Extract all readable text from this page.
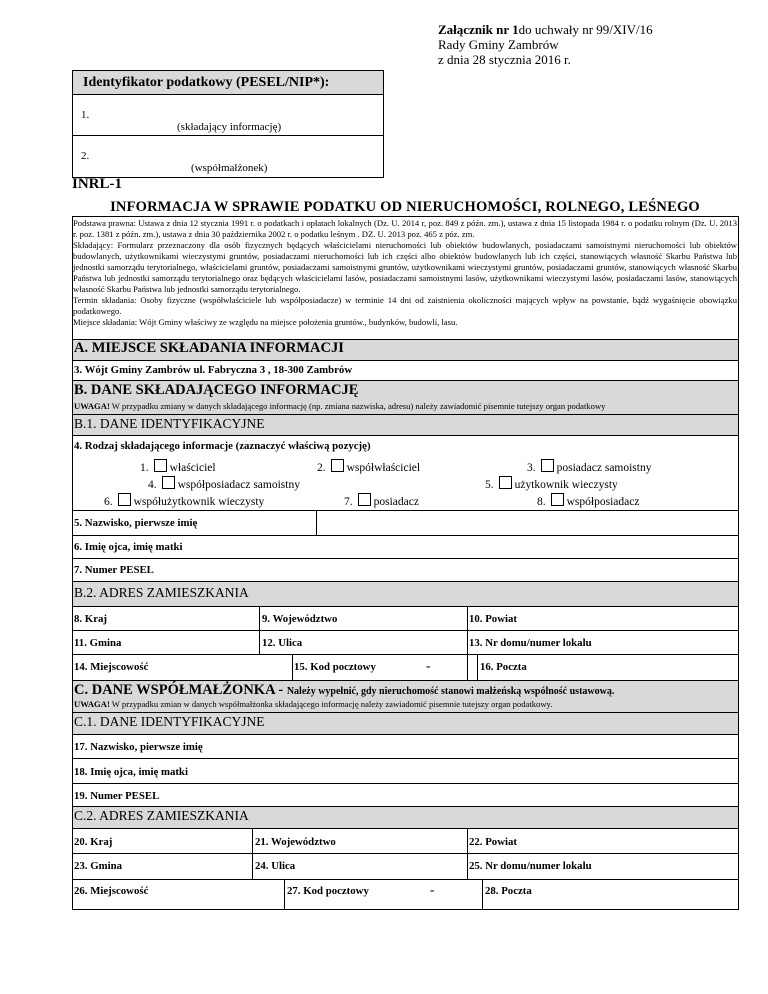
Załącznik nr 1do uchwały nr 99/XIV/16
Rady Gminy Zambrów
z dnia 28 stycznia 2016 r.
Identyfikator podatkowy (PESEL/NIP*):
1.
(składający informację)
2.
(współmałżonek)
INRL-1
INFORMACJA W SPRAWIE PODATKU OD NIERUCHOMOŚCI, ROLNEGO, LEŚNEGO
Podstawa prawna: Ustawa z dnia 12 stycznia 1991 r. o podatkach i opłatach lokalnych (Dz. U. 2014 r, poz. 849 z późn. zm.), ustawa z dnia 15 listopada 1984 r. o podatku rolnym (Dz. U. 2013 r. poz. 1381 z późn. zm.), ustawa z dnia 30 października 2002 r. o podatku leśnym . DZ. U. 2013 poz. 465 z póz. zm.
Składający: Formularz przeznaczony dla osób fizycznych będących właścicielami nieruchomości lub obiektów budowlanych, posiadaczami samoistnymi nieruchomości lub obiektów budowlanych, użytkownikami wieczystymi gruntów, posiadaczami nieruchomości lub ich części albo obiektów budowlanych lub ich części, stanowiących własność Skarbu Państwa lub jednostki samorządu terytorialnego, właścicielami gruntów, posiadaczami samoistnymi gruntów, użytkownikami wieczystymi gruntów, posiadaczami gruntów, stanowiących własność Skarbu Państwa lub jednostki samorządu terytorialnego oraz będących właścicielami lasów, posiadaczami samoistnymi lasów, użytkownikami wieczystymi lasów, posiadaczami lasów, stanowiących własność Skarbu Państwa lub jednostki samorządu terytorialnego.
Termin składania: Osoby fizyczne (współwłaściciele lub współposiadacze) w terminie 14 dni od zaistnienia okoliczności mających wpływ na powstanie, bądź wygaśnięcie obowiązku podatkowego.
Miejsce składania: Wójt Gminy właściwy ze względu na miejsce położenia gruntów., budynków, budowli, lasu.
A. MIEJSCE SKŁADANIA INFORMACJI
3. Wójt Gminy Zambrów ul. Fabryczna 3 , 18-300 Zambrów
B. DANE SKŁADAJĄCEGO INFORMACJĘ
UWAGA! W przypadku zmiany w danych składającego informację (np. zmiana nazwiska, adresu) należy zawiadomić pisemnie tutejszy organ podatkowy
B.1. DANE IDENTYFIKACYJNE
4. Rodzaj składającego informacje (zaznaczyć właściwą pozycję)
1. właściciel	2. współwłaściciel	3. posiadacz samoistny
4. współposiadacz samoistny	5. użytkownik wieczysty
6. współużytkownik wieczysty	7. posiadacz	8. współposiadacz
5. Nazwisko, pierwsze imię
6. Imię ojca, imię matki
7. Numer PESEL
B.2. ADRES ZAMIESZKANIA
8. Kraj	9. Województwo	10. Powiat
11. Gmina	12. Ulica	13. Nr domu/numer lokalu
14. Miejscowość	15. Kod pocztowy	-	16. Poczta
C. DANE WSPÓŁMAŁŻONKA - Należy wypełnić, gdy nieruchomość stanowi małżeńską wspólność ustawową.
UWAGA! W przypadku zmian w danych współmałżonka składającego informację należy zawiadomić pisemnie tutejszy organ podatkowy.
C.1. DANE IDENTYFIKACYJNE
17. Nazwisko, pierwsze imię
18. Imię ojca, imię matki
19. Numer PESEL
C.2. ADRES ZAMIESZKANIA
20. Kraj	21. Województwo	22. Powiat
23. Gmina	24. Ulica	25. Nr domu/numer lokalu
26. Miejscowość	27. Kod pocztowy	-	28. Poczta
